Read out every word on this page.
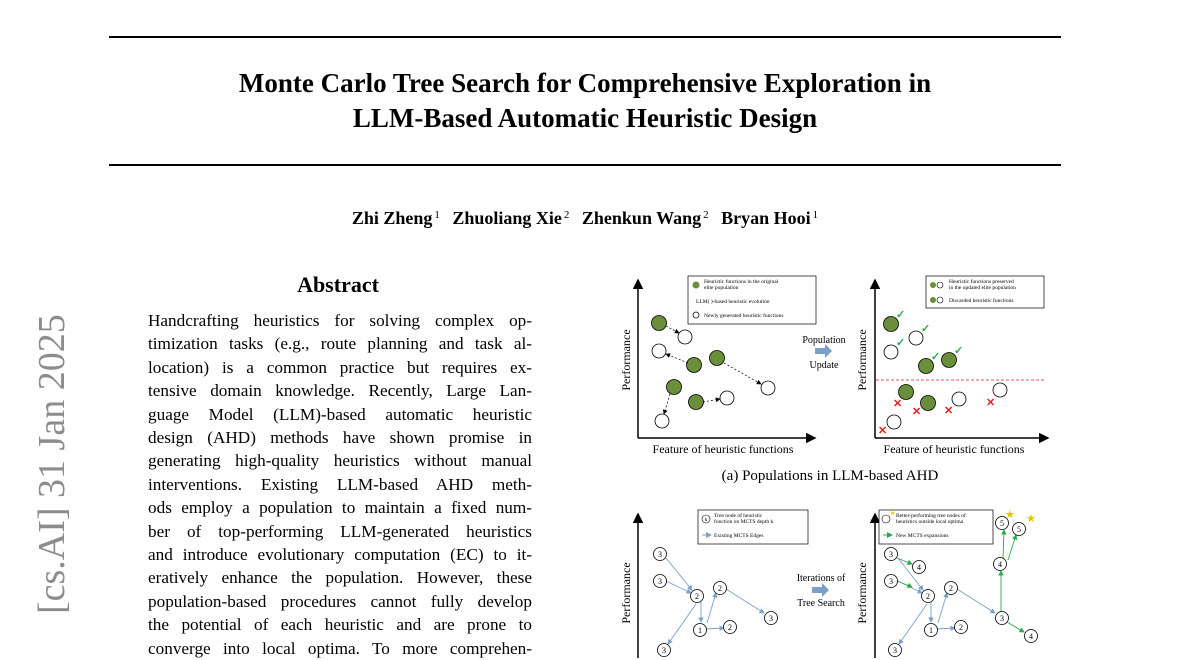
Monte Carlo Tree Search for Comprehensive Exploration in
LLM-Based Automatic Heuristic Design
Zhi Zheng $^1$ Zhuoliang Xie $^2$ Zhenkun Wang $^2$ Bryan Hooi $^1$
[cs.AI] 31 Jan 2025
Abstract
Handcrafting heuristics for solving complex op-
timization tasks (e.g., route planning and task al-
location) is a common practice but requires ex-
tensive domain knowledge. Recently, Large Lan-
guage Model (LLM)-based automatic heuristic
design (AHD) methods have shown promise in
generating high-quality heuristics without manual
interventions. Existing LLM-based AHD meth-
ods employ a population to maintain a fixed num-
ber of top-performing LLM-generated heuristics
and introduce evolutionary computation (EC) to it-
eratively enhance the population. However, these
population-based procedures cannot fully develop
the potential of each heuristic and are prone to
converge into local optima. To more comprehen-
Performance
Feature of heuristic functions
Heuristic functions in the original
elite population
LLM( )-based heuristic evolution
Newly generated heuristic functions
Population
Update Performance
Feature of heuristic functions
Heuristic functions preserved
in the updated elite population
Discarded heuristic functions
✓
✓
✓
✓ ✓
✕
✕ ✕
✕
✕
(a) Populations in LLM-based AHD
Performance
k
Tree node of heuristic
function on MCTS depth k
Existing MCTS Edges
3
3
2
2
1	2
3
3
Iterations of
Tree Search Performance
★ Better-performing tree nodes of
heuristics outside local optima
New MCTS expansions
3
4
3
2
2
1	2
3
4
5
5
4
3
★ ★
